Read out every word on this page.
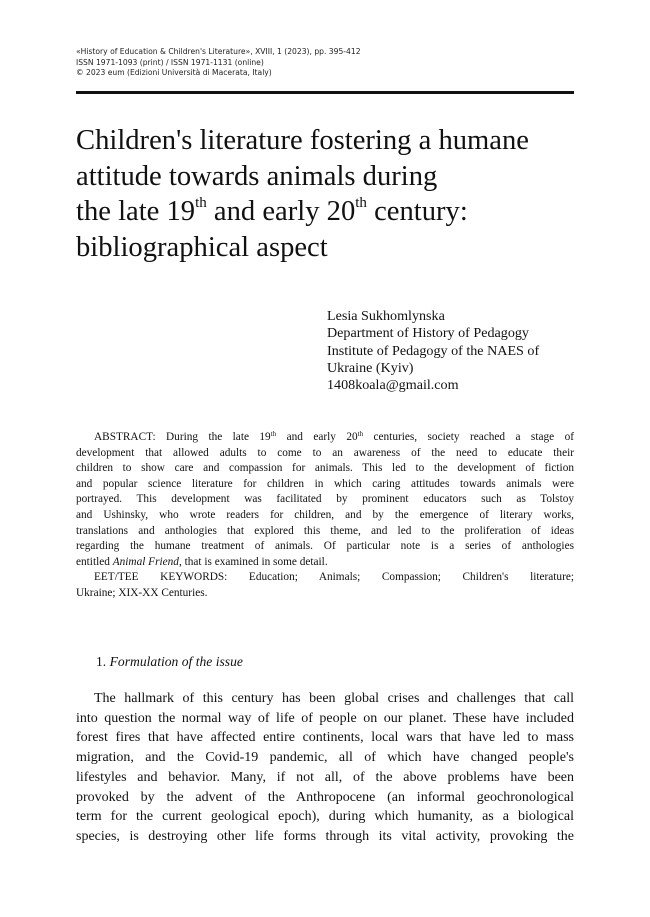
«History of Education & Children's Literature», XVIII, 1 (2023), pp. 395-412
ISSN 1971-1093 (print) / ISSN 1971-1131 (online)
© 2023 eum (Edizioni Università di Macerata, Italy)
Children's literature fostering a humane
attitude towards animals during
the late 19th and early 20th century:
bibliographical aspect
Lesia Sukhomlynska
Department of History of Pedagogy
Institute of Pedagogy of the NAES of
Ukraine (Kyiv)
1408koala@gmail.com
ABSTRACT: During the late 19th and early 20th centuries, society reached a stage of
development that allowed adults to come to an awareness of the need to educate their
children to show care and compassion for animals. This led to the development of fiction
and popular science literature for children in which caring attitudes towards animals were
portrayed. This development was facilitated by prominent educators such as Tolstoy
and Ushinsky, who wrote readers for children, and by the emergence of literary works,
translations and anthologies that explored this theme, and led to the proliferation of ideas
regarding the humane treatment of animals. Of particular note is a series of anthologies
entitled Animal Friend, that is examined in some detail.
EET/TEE KEYWORDS: Education; Animals; Compassion; Children's literature;
Ukraine; XIX-XX Centuries.
1. Formulation of the issue
The hallmark of this century has been global crises and challenges that call
into question the normal way of life of people on our planet. These have included
forest fires that have affected entire continents, local wars that have led to mass
migration, and the Covid-19 pandemic, all of which have changed people's
lifestyles and behavior. Many, if not all, of the above problems have been
provoked by the advent of the Anthropocene (an informal geochronological
term for the current geological epoch), during which humanity, as a biological
species, is destroying other life forms through its vital activity, provoking the
